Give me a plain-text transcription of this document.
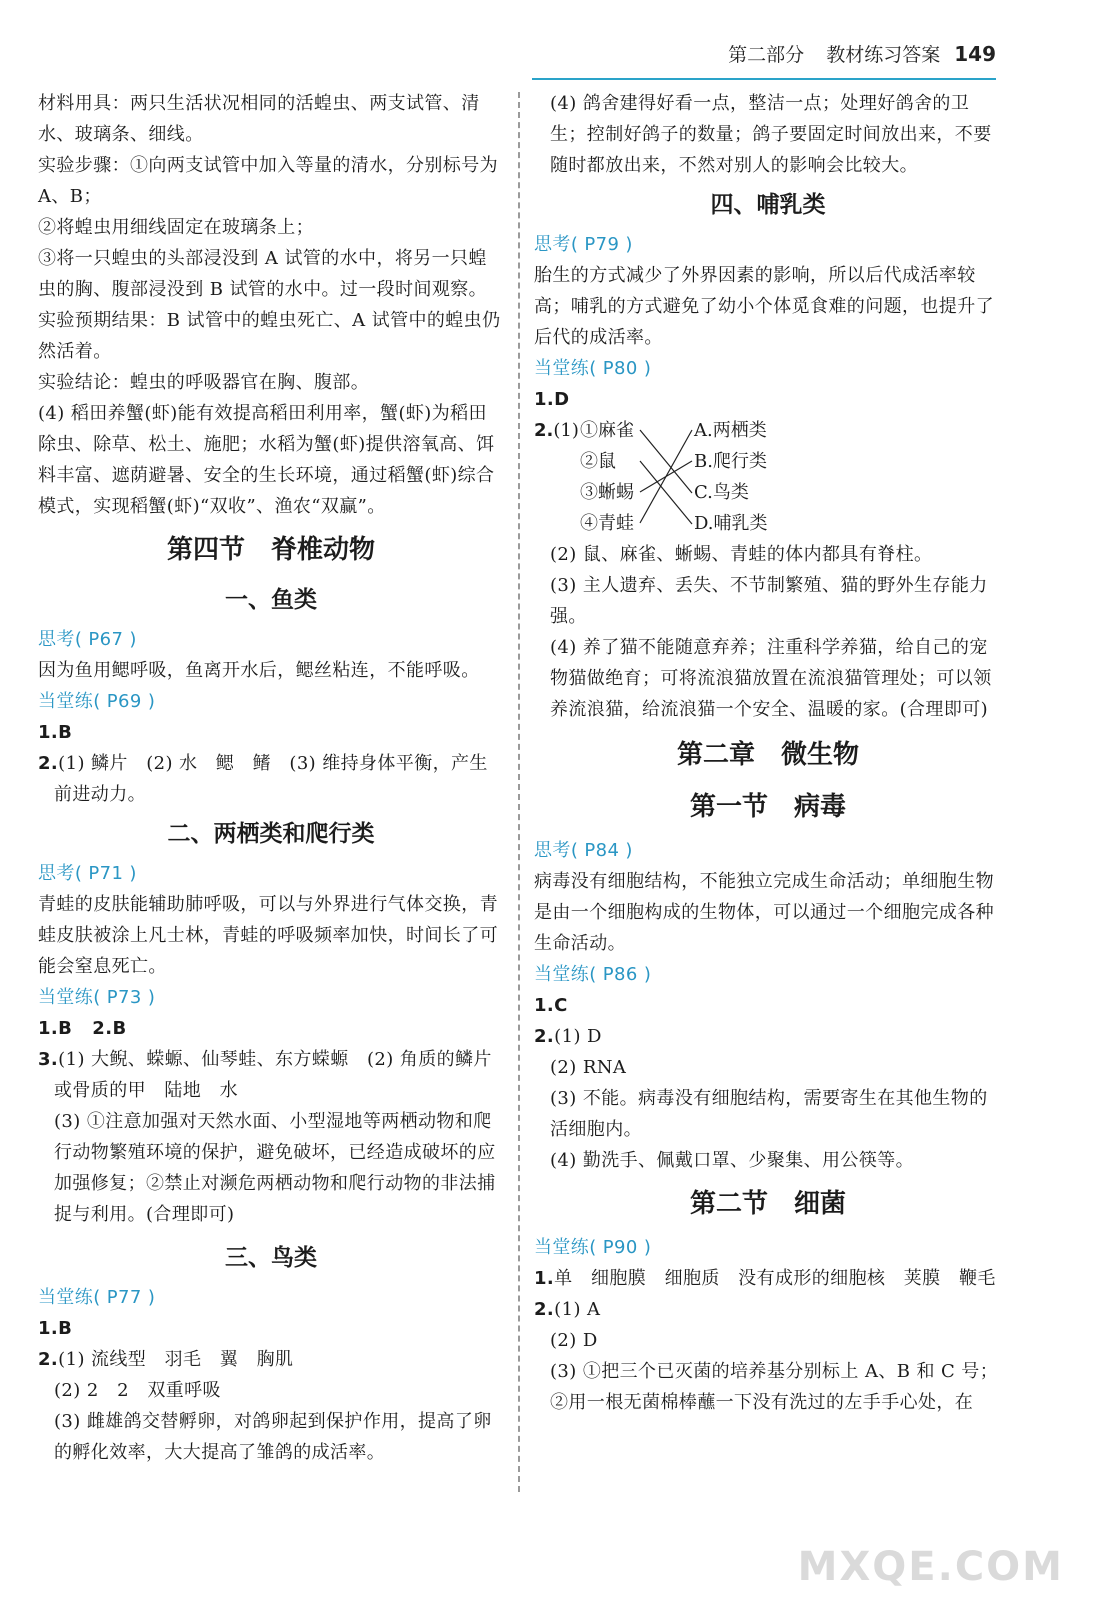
第二部分 教材练习答案 149

材料用具：两只生活状况相同的活蝗虫、两支试管、清水、玻璃条、细线。

实验步骤：①向两支试管中加入等量的清水，分别标号为 A、B；

②将蝗虫用细线固定在玻璃条上；

③将一只蝗虫的头部浸没到 A 试管的水中，将另一只蝗虫的胸、腹部浸没到 B 试管的水中。过一段时间观察。

实验预期结果：B 试管中的蝗虫死亡、A 试管中的蝗虫仍然活着。

实验结论：蝗虫的呼吸器官在胸、腹部。

(4) 稻田养蟹(虾)能有效提高稻田利用率，蟹(虾)为稻田除虫、除草、松土、施肥；水稻为蟹(虾)提供溶氧高、饵料丰富、遮荫避暑、安全的生长环境，通过稻蟹(虾)综合模式，实现稻蟹(虾)“双收”、渔农“双赢”。

第四节　脊椎动物
一、鱼类

思考( P67 )

因为鱼用鳃呼吸，鱼离开水后，鳃丝粘连，不能呼吸。

当堂练( P69 )

1.B

2.(1) 鳞片　(2) 水　鳃　鳍　(3) 维持身体平衡，产生前进动力。

二、两栖类和爬行类

思考( P71 )

青蛙的皮肤能辅助肺呼吸，可以与外界进行气体交换，青蛙皮肤被涂上凡士林，青蛙的呼吸频率加快，时间长了可能会窒息死亡。

当堂练( P73 )

1.B 2.B

3.(1) 大鲵、蝾螈、仙琴蛙、东方蝾螈　(2) 角质的鳞片或骨质的甲　陆地　水

(3) ①注意加强对天然水面、小型湿地等两栖动物和爬行动物繁殖环境的保护，避免破坏，已经造成破坏的应加强修复；②禁止对濒危两栖动物和爬行动物的非法捕捉与利用。(合理即可)

三、鸟类

当堂练( P77 )

1.B

2.(1) 流线型　羽毛　翼　胸肌

(2) 2　2　双重呼吸

(3) 雌雄鸽交替孵卵，对鸽卵起到保护作用，提高了卵的孵化效率，大大提高了雏鸽的成活率。

(4) 鸽舍建得好看一点，整洁一点；处理好鸽舍的卫生；控制好鸽子的数量；鸽子要固定时间放出来，不要随时都放出来，不然对别人的影响会比较大。

四、哺乳类

思考( P79 )

胎生的方式减少了外界因素的影响，所以后代成活率较高；哺乳的方式避免了幼小个体觅食难的问题，也提升了后代的成活率。

当堂练( P80 )

1.D

2.(1) ①麻雀
②鼠
③蜥蜴
④青蛙
A.两栖类
B.爬行类
C.鸟类
D.哺乳类

(2) 鼠、麻雀、蜥蜴、青蛙的体内都具有脊柱。

(3) 主人遗弃、丢失、不节制繁殖、猫的野外生存能力强。

(4) 养了猫不能随意弃养；注重科学养猫，给自己的宠物猫做绝育；可将流浪猫放置在流浪猫管理处；可以领养流浪猫，给流浪猫一个安全、温暖的家。(合理即可)

第二章　微生物
第一节　病毒

思考( P84 )

病毒没有细胞结构，不能独立完成生命活动；单细胞生物是由一个细胞构成的生物体，可以通过一个细胞完成各种生命活动。

当堂练( P86 )

1.C

2.(1) D

(2) RNA

(3) 不能。病毒没有细胞结构，需要寄生在其他生物的活细胞内。

(4) 勤洗手、佩戴口罩、少聚集、用公筷等。

第二节　细菌

当堂练( P90 )

1.单　细胞膜　细胞质　没有成形的细胞核　荚膜　鞭毛

2.(1) A

(2) D

(3) ①把三个已灭菌的培养基分别标上 A、B 和 C 号；

②用一根无菌棉棒蘸一下没有洗过的左手手心处，在

MXQE.COM
